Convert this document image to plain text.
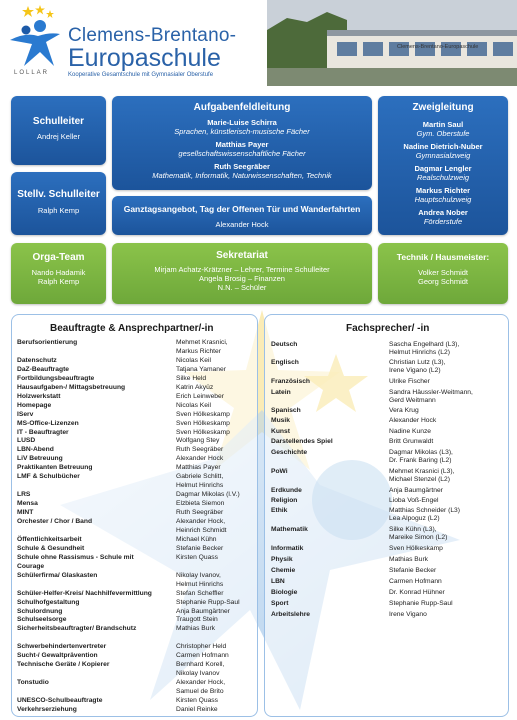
LOLLAR
Clemens-Brentano-
Europaschule
Kooperative Gesamtschule mit Gymnasialer Oberstufe
Clemens-Brentano-Europaschule
Schulleiter
Andrej Keller
Stellv. Schulleiter
Ralph Kemp
Aufgabenfeldleitung
Marie-Luise Schirra
Sprachen, künstlerisch-musische Fächer
Matthias Payer
gesellschaftswissenschaftliche Fächer
Ruth Seegräber
Mathematik, Informatik, Naturwissenschaften, Technik
Ganztagsangebot, Tag der Offenen Tür und Wanderfahrten
Alexander Hock
Zweigleitung
Martin Saul
Gym. Oberstufe
Nadine Dietrich-Nuber
Gymnasialzweig
Dagmar Lengler
Realschulzweig
Markus Richter
Hauptschulzweig
Andrea Nober
Förderstufe
Orga-Team
Nando Hadamik
Ralph Kemp
Sekretariat
Mirjam Achatz-Krätzner – Lehrer, Termine Schulleiter
Angela Brosig – Finanzen
N.N. – Schüler
Technik / Hausmeister:
Volker Schmidt
Georg Schmidt
Beauftragte & Ansprechpartner/-in	Fachsprecher/ -in
Berufsorientierung	Mehmet Krasnici,
Markus Richter
Datenschutz	Nicolas Keil
DaZ-Beauftragte	Tatjana Yamaner
Fortbildungsbeauftragte	Silke Held
Hausaufgaben-/ Mittagsbetreuung	Katrin Akyüz
Holzwerkstatt	Erich Leinweber
Homepage	Nicolas Keil
IServ	Sven Hölkeskamp
MS-Office-Lizenzen	Sven Hölkeskamp
IT - Beauftragter	Sven Hölkeskamp
LUSD	Wolfgang Stey
LBN-Abend	Ruth Seegräber
LiV Betreuung	Alexander Hock
Praktikanten Betreuung	Matthias Payer
LMF & Schulbücher	Gabriele Schlitt,
Helmut Hinrichs
LRS	Dagmar Mikolas (l.V.)
Mensa	Elzbieta Siemon
MINT	Ruth Seegräber
Orchester / Chor / Band	Alexander Hock,
Heinrich Schmidt
Öffentlichkeitsarbeit	Michael Kühn
Schule & Gesundheit	Stefanie Becker
Schule ohne Rassismus - Schule mit	Kirsten Quass
Courage
Schülerfirma/ Glaskasten	Nikolay Ivanov,
Helmut Hinrichs
Schüler-Helfer-Kreis/ Nachhilfevermittlung	Stefan Scheffler
Schulhofgestaltung	Stephanie Rupp-Saul
Schulordnung	Anja Baumgärtner
Schulseelsorge	Traugott Stein
Sicherheitsbeauftragter/ Brandschutz	Mathias Burk
Schwerbehindertenvertreter	Christopher Held
Sucht-/ Gewaltprävention	Carmen Hofmann
Technische Geräte / Kopierer	Bernhard Korell,
Nikolay Ivanov
Tonstudio	Alexander Hock,
Samuel de Brito
UNESCO-Schulbeauftragte	Kirsten Quass
Verkehrserziehung	Daniel Reinke
Deutsch	Sascha Engelhard (L3),
Helmut Hinrichs (L2)
Englisch	Christian Lutz (L3),
Irene Vigano (L2)
Französisch	Ulrike Fischer
Latein	Sandra Häussler-Weitmann,
Gerd Weitmann
Spanisch	Vera Krug
Musik	Alexander Hock
Kunst	Nadine Kunze
Darstellendes Spiel	Britt Grunwaldt
Geschichte	Dagmar Mikolas (L3),
Dr. Frank Baring (L2)
PoWi	Mehmet Krasnici (L3),
Michael Stenzel (L2)
Erdkunde	Anja Baumgärtner
Religion	Lioba Voß-Engel
Ethik	Matthias Schneider (L3)
Lea Alpoguz (L2)
Mathematik	Silke Kühn (L3),
Mareike Simon (L2)
Informatik	Sven Hölkeskamp
Physik	Mathias Burk
Chemie	Stefanie Becker
LBN	Carmen Hofmann
Biologie	Dr. Konrad Hühner
Sport	Stephanie Rupp-Saul
Arbeitslehre	Irene Vigano
